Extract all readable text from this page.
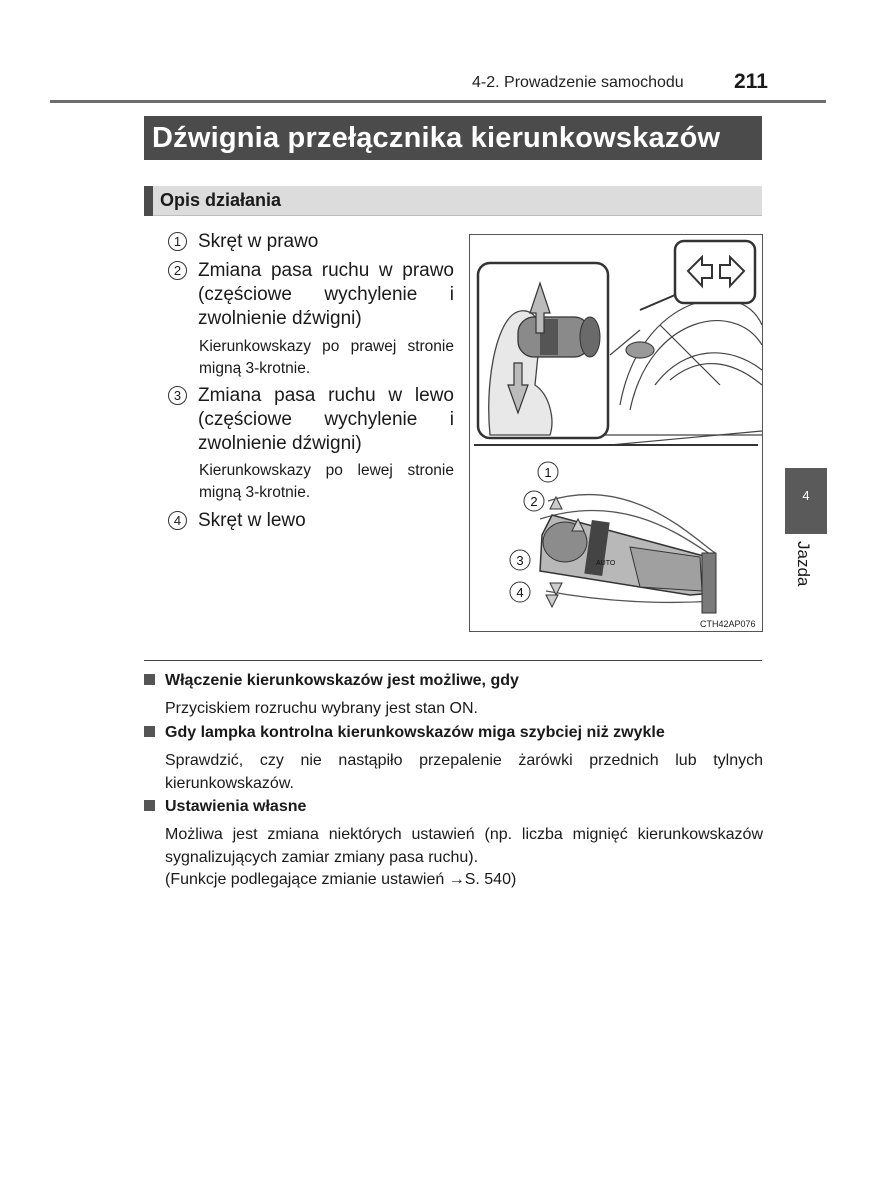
4-2. Prowadzenie samochodu 211
Dźwignia przełącznika kierunkowskazów
Opis działania
1 Skręt w prawo
2 Zmiana pasa ruchu w prawo (częściowe wychylenie i zwolnienie dźwigni)
Kierunkowskazy po prawej stronie migną 3-krotnie.
3 Zmiana pasa ruchu w lewo (częściowe wychylenie i zwolnienie dźwigni)
Kierunkowskazy po lewej stronie migną 3-krotnie.
4 Skręt w lewo
AUTO
1
2
3
4
CTH42AP076
Włączenie kierunkowskazów jest możliwe, gdy
Przyciskiem rozruchu wybrany jest stan ON.
Gdy lampka kontrolna kierunkowskazów miga szybciej niż zwykle
Sprawdzić, czy nie nastąpiło przepalenie żarówki przednich lub tylnych kierunkowskazów.
Ustawienia własne
Możliwa jest zmiana niektórych ustawień (np. liczba mignięć kierunkowskazów sygnalizujących zamiar zmiany pasa ruchu).
(Funkcje podlegające zmianie ustawień →S. 540)
4
Jazda
